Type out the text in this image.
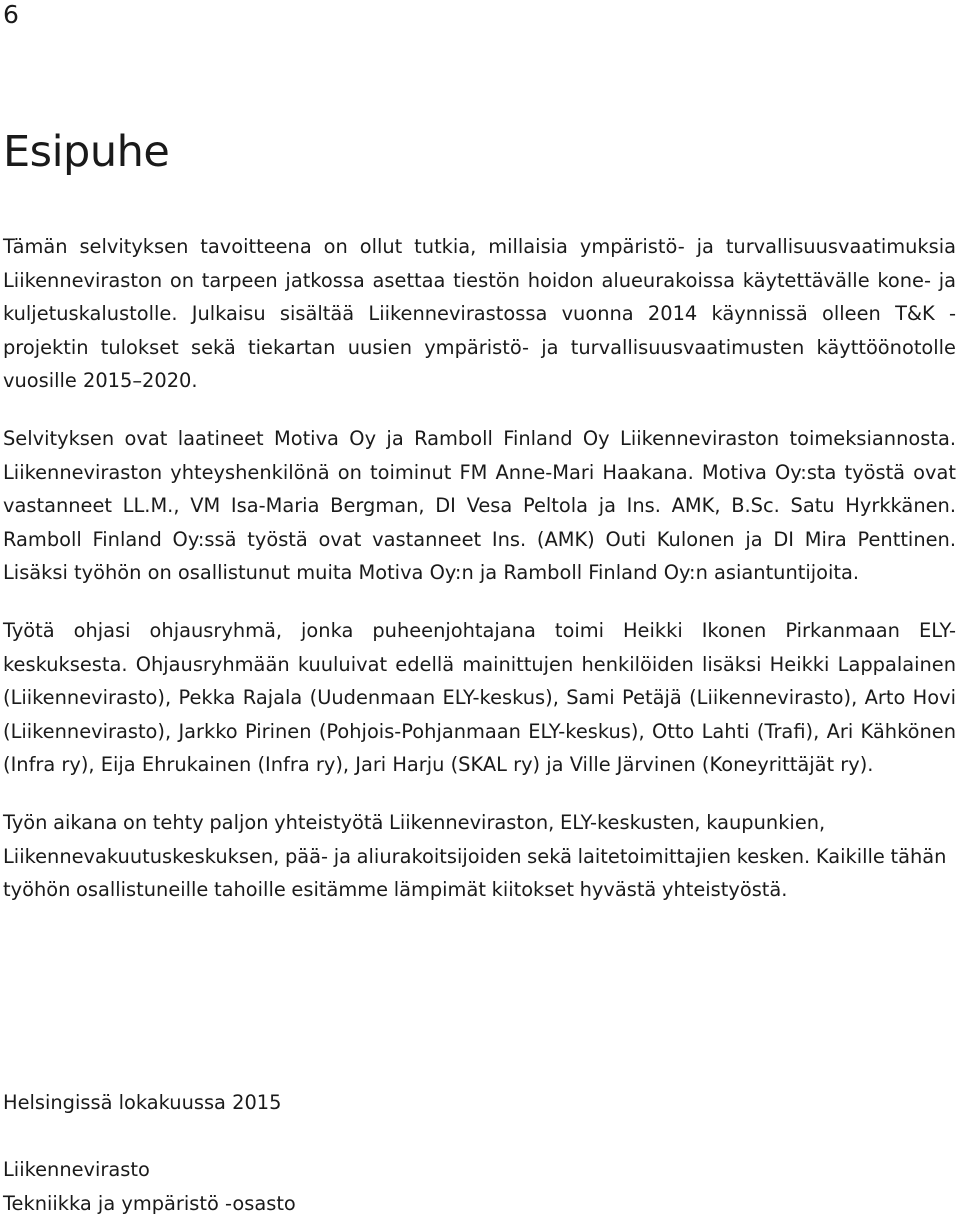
6
Esipuhe

Tämän selvityksen tavoitteena on ollut tutkia, millaisia ympäristö- ja turvallisuusvaatimuksia Liikenneviraston on tarpeen jatkossa asettaa tiestön hoidon alueurakoissa käytettävälle kone- ja kuljetuskalustolle. Julkaisu sisältää Liikennevirastossa vuonna 2014 käynnissä olleen T&K -projektin tulokset sekä tiekartan uusien ympäristö- ja turvallisuusvaatimusten käyttöönotolle vuosille 2015–2020.

Selvityksen ovat laatineet Motiva Oy ja Ramboll Finland Oy Liikenneviraston toimeksiannosta. Liikenneviraston yhteyshenkilönä on toiminut FM Anne-Mari Haakana. Motiva Oy:sta työstä ovat vastanneet LL.M., VM Isa-Maria Bergman, DI Vesa Peltola ja Ins. AMK, B.Sc. Satu Hyrkkänen. Ramboll Finland Oy:ssä työstä ovat vastanneet Ins. (AMK) Outi Kulonen ja DI Mira Penttinen. Lisäksi työhön on osallistunut muita Motiva Oy:n ja Ramboll Finland Oy:n asiantuntijoita.

Työtä ohjasi ohjausryhmä, jonka puheenjohtajana toimi Heikki Ikonen Pirkanmaan ELY-keskuksesta. Ohjausryhmään kuuluivat edellä mainittujen henkilöiden lisäksi Heikki Lappalainen (Liikennevirasto), Pekka Rajala (Uudenmaan ELY-keskus), Sami Petäjä (Liikennevirasto), Arto Hovi (Liikennevirasto), Jarkko Pirinen (Pohjois-Pohjanmaan ELY-keskus), Otto Lahti (Trafi), Ari Kähkönen (Infra ry), Eija Ehrukainen (Infra ry), Jari Harju (SKAL ry) ja Ville Järvinen (Koneyrittäjät ry).

Työn aikana on tehty paljon yhteistyötä Liikenneviraston, ELY-keskusten, kaupunkien, Liikennevakuutuskeskuksen, pää- ja aliurakoitsijoiden sekä laitetoimittajien kesken. Kaikille tähän työhön osallistuneille tahoille esitämme lämpimät kiitokset hyvästä yhteistyöstä.

Helsingissä lokakuussa 2015
Liikennevirasto
Tekniikka ja ympäristö -osasto
